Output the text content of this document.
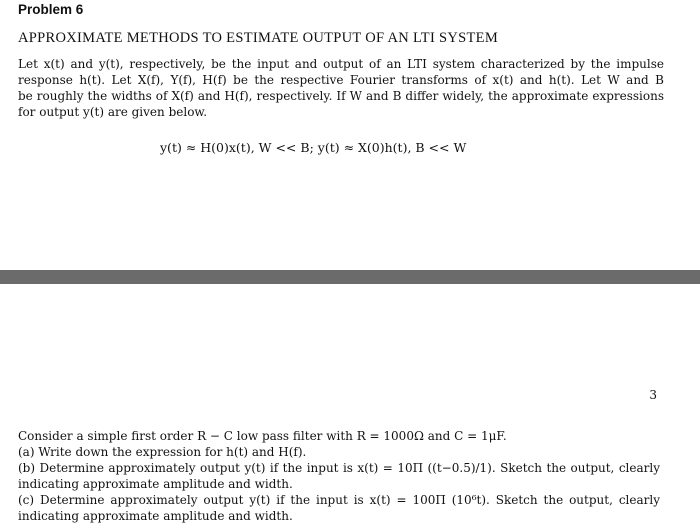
Problem 6
APPROXIMATE METHODS TO ESTIMATE OUTPUT OF AN LTI SYSTEM
Let x(t) and y(t), respectively, be the input and output of an LTI system characterized by the impulse
response h(t). Let X(f), Y(f), H(f) be the respective Fourier transforms of x(t) and h(t). Let W and B
be roughly the widths of X(f) and H(f), respectively. If W and B differ widely, the approximate expressions
for output y(t) are given below.
y(t) ≈ H(0)x(t), W << B; y(t) ≈ X(0)h(t), B << W
3
Consider a simple first order R − C low pass filter with R = 1000Ω and C = 1μF.
(a) Write down the expression for h(t) and H(f).
(b) Determine approximately output y(t) if the input is x(t) = 10Π ((t−0.5)/1). Sketch the output, clearly
indicating approximate amplitude and width.
(c) Determine approximately output y(t) if the input is x(t) = 100Π (10⁶t). Sketch the output, clearly
indicating approximate amplitude and width.
